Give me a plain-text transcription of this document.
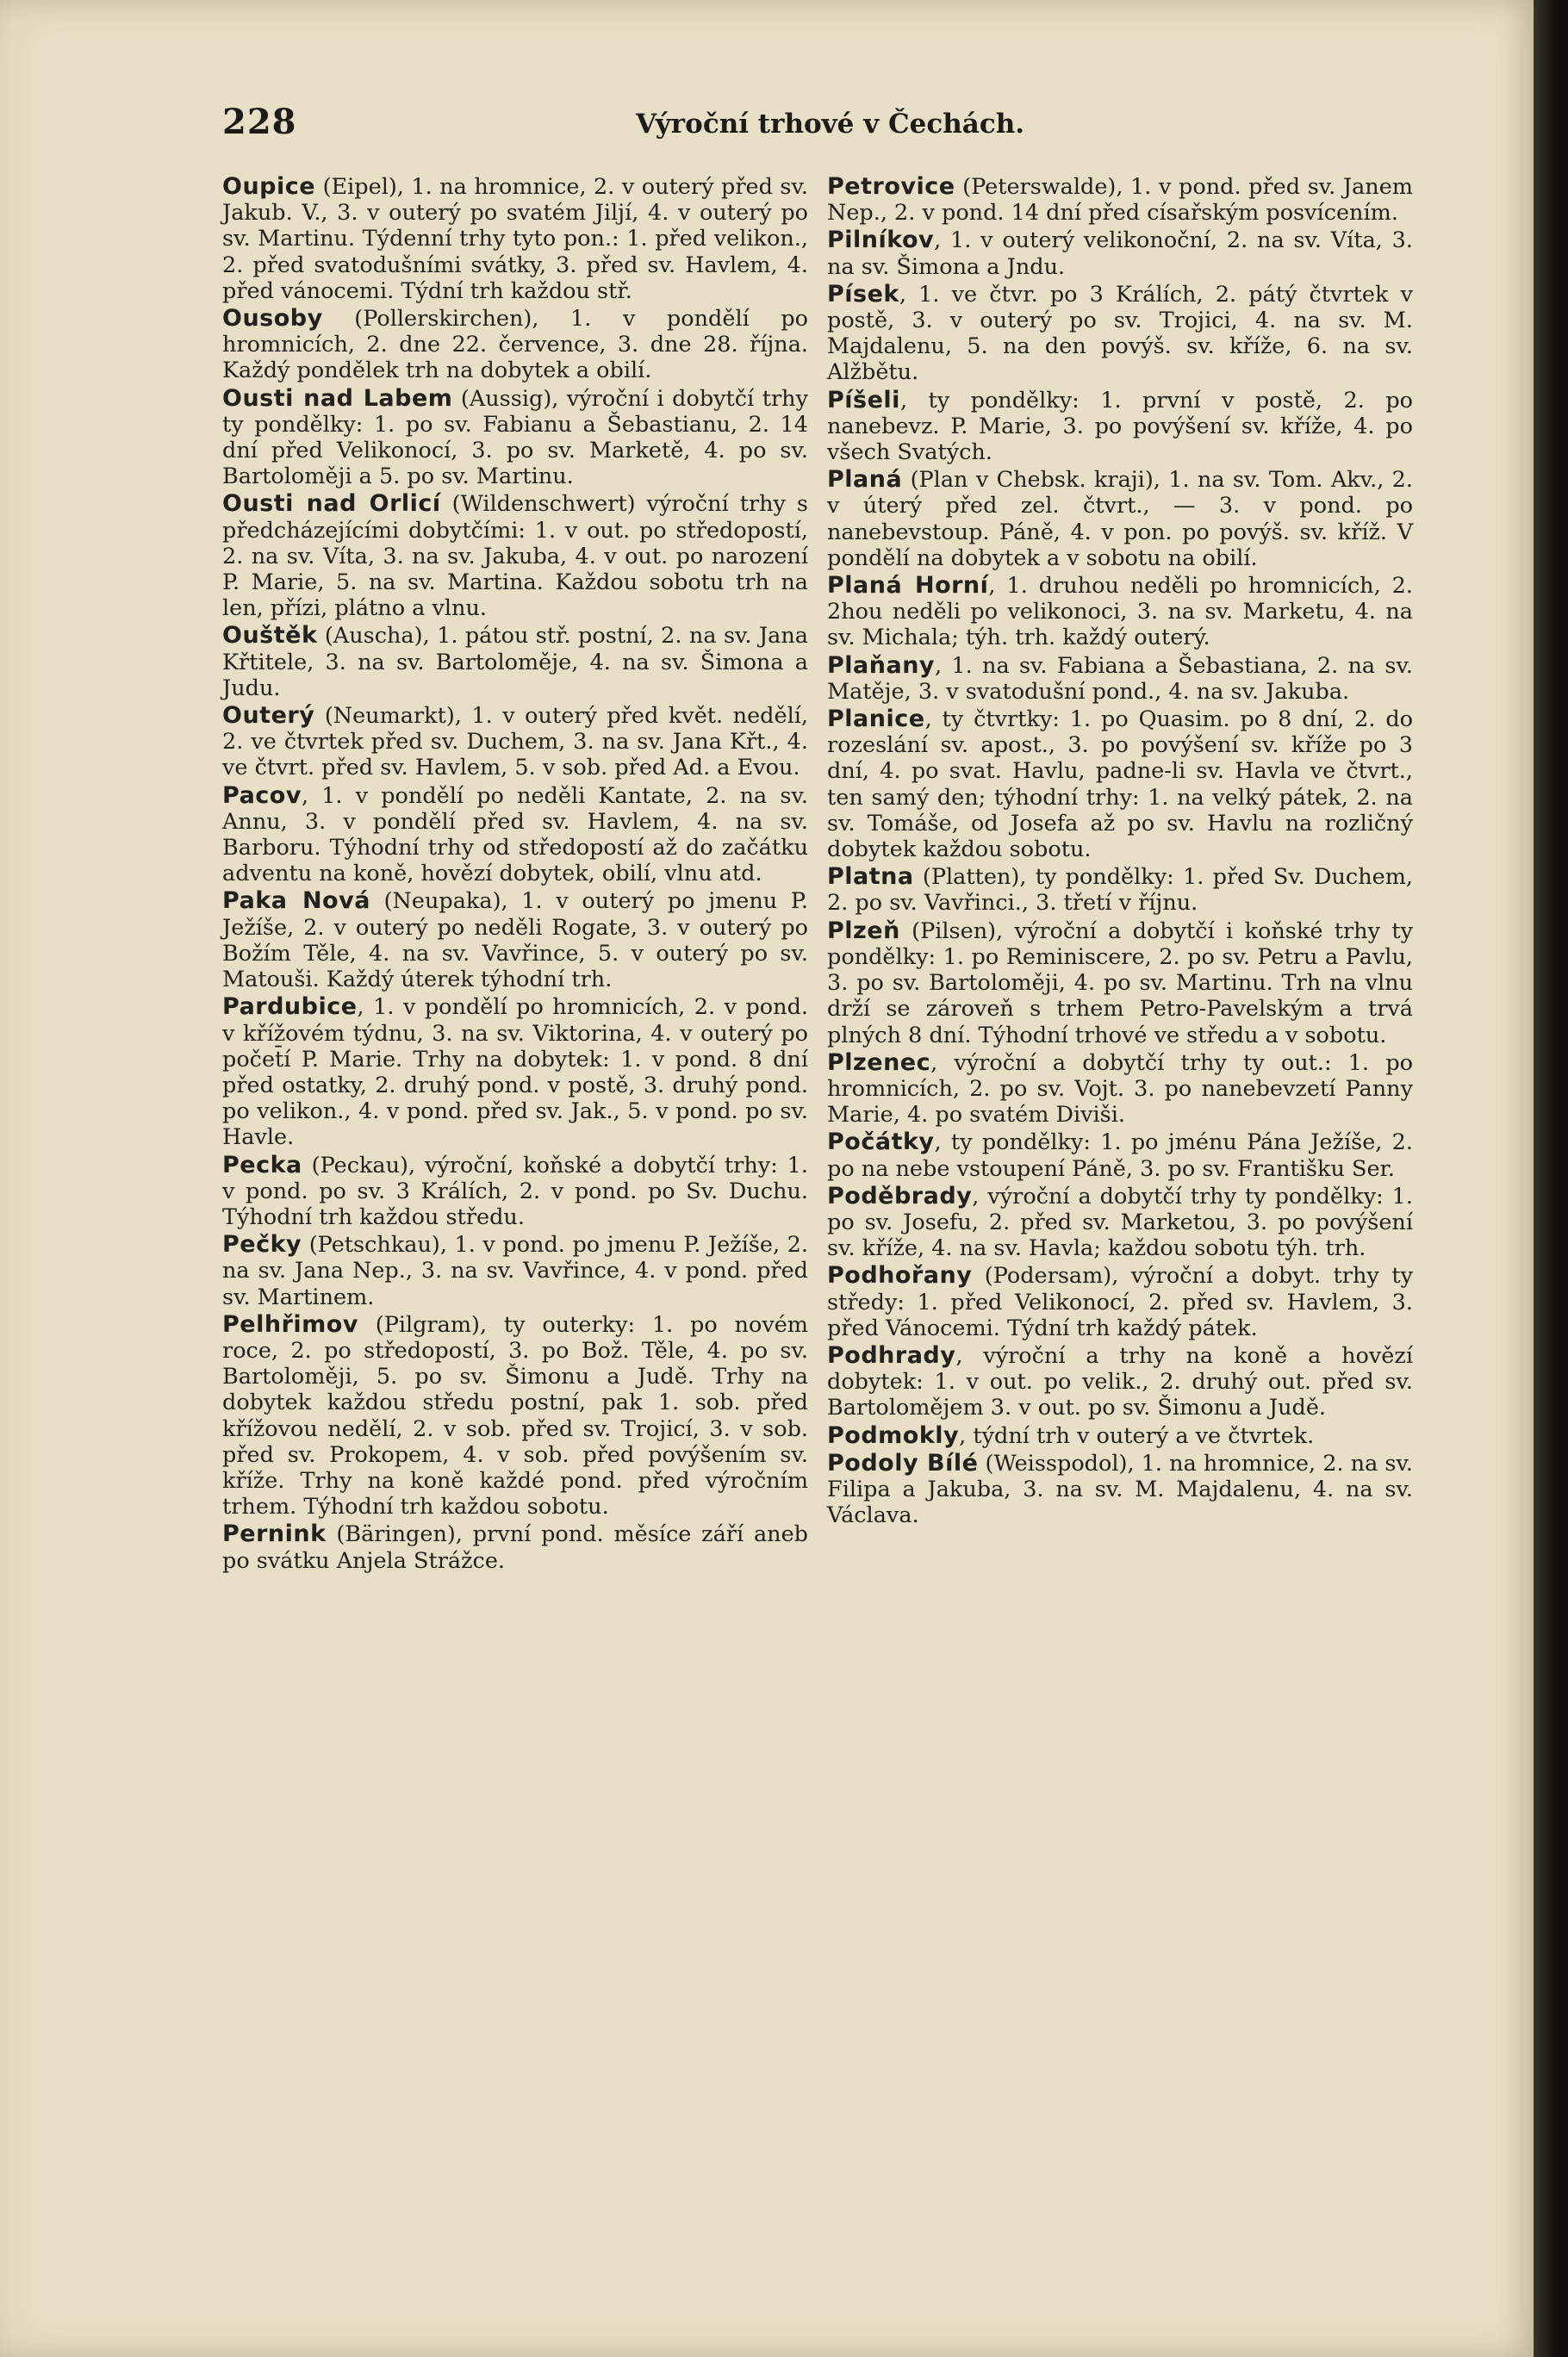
228	Výroční trhové v Čechách.

Oupice (Eipel), 1. na hromnice, 2. v outerý před sv. Jakub. V., 3. v outerý po svatém Jiljí, 4. v outerý po sv. Martinu. Týdenní trhy tyto pon.: 1. před velikon., 2. před svatodušními svátky, 3. před sv. Havlem, 4. před vánocemi. Týdní trh každou stř.

Ousoby (Pollerskirchen), 1. v pondělí po hromnicích, 2. dne 22. července, 3. dne 28. října. Každý pondělek trh na dobytek a obilí.

Ousti nad Labem (Aussig), výroční i dobytčí trhy ty pondělky: 1. po sv. Fabianu a Šebastianu, 2. 14 dní před Velikonocí, 3. po sv. Marketě, 4. po sv. Bartoloměji a 5. po sv. Martinu.

Ousti nad Orlicí (Wildenschwert) výroční trhy s předcházejícími dobytčími: 1. v out. po středopostí, 2. na sv. Víta, 3. na sv. Jakuba, 4. v out. po narození P. Marie, 5. na sv. Martina. Každou sobotu trh na len, přízi, plátno a vlnu.

Ouštěk (Auscha), 1. pátou stř. postní, 2. na sv. Jana Křtitele, 3. na sv. Bartoloměje, 4. na sv. Šimona a Judu.

Outerý (Neumarkt), 1. v outerý před květ. nedělí, 2. ve čtvrtek před sv. Duchem, 3. na sv. Jana Křt., 4. ve čtvrt. před sv. Havlem, 5. v sob. před Ad. a Evou.

Pacov, 1. v pondělí po neděli Kantate, 2. na sv. Annu, 3. v pondělí před sv. Havlem, 4. na sv. Barboru. Týhodní trhy od středopostí až do začátku adventu na koně, hovězí dobytek, obilí, vlnu atd.

Paka Nová (Neupaka), 1. v outerý po jmenu P. Ježíše, 2. v outerý po neděli Rogate, 3. v outerý po Božím Těle, 4. na sv. Vavřince, 5. v outerý po sv. Matouši. Každý úterek týhodní trh.

Pardubice, 1. v pondělí po hromnicích, 2. v pond. v křížovém týdnu, 3. na sv. Viktorina, 4. v outerý po počet̄í P. Marie. Trhy na dobytek: 1. v pond. 8 dní před ostatky, 2. druhý pond. v postě, 3. druhý pond. po velikon., 4. v pond. před sv. Jak., 5. v pond. po sv. Havle.

Pecka (Peckau), výroční, koňské a dobytčí trhy: 1. v pond. po sv. 3 Králích, 2. v pond. po Sv. Duchu. Týhodní trh každou středu.

Pečky (Petschkau), 1. v pond. po jmenu P. Ježíše, 2. na sv. Jana Nep., 3. na sv. Vavřince, 4. v pond. před sv. Martinem.

Pelhřimov (Pilgram), ty outerky: 1. po novém roce, 2. po středopostí, 3. po Bož. Těle, 4. po sv. Bartoloměji, 5. po sv. Šimonu a Judě. Trhy na dobytek každou středu postní, pak 1. sob. před křížovou nedělí, 2. v sob. před sv. Trojicí, 3. v sob. před sv. Prokopem, 4. v sob. před povýšením sv. kříže. Trhy na koně každé pond. před výročním trhem. Týhodní trh každou sobotu.

Pernink (Bäringen), první pond. měsíce září aneb po svátku Anjela Strážce.

Petrovice (Peterswalde), 1. v pond. před sv. Janem Nep., 2. v pond. 14 dní před císařským posvícením.

Pilníkov, 1. v outerý velikonoční, 2. na sv. Víta, 3. na sv. Šimona a Jndu.

Písek, 1. ve čtvr. po 3 Králích, 2. pátý čtvrtek v postě, 3. v outerý po sv. Trojici, 4. na sv. M. Majdalenu, 5. na den povýš. sv. kříže, 6. na sv. Alžbětu.

Píšeli, ty pondělky: 1. první v postě, 2. po nanebevz. P. Marie, 3. po povýšení sv. kříže, 4. po všech Svatých.

Planá (Plan v Chebsk. kraji), 1. na sv. Tom. Akv., 2. v úterý před zel. čtvrt., — 3. v pond. po nanebevstoup. Páně, 4. v pon. po povýš. sv. kříž. V pondělí na dobytek a v sobotu na obilí.

Planá Horní, 1. druhou neděli po hromnicích, 2. 2hou neděli po velikonoci, 3. na sv. Marketu, 4. na sv. Michala; týh. trh. každý outerý.

Plaňany, 1. na sv. Fabiana a Šebastiana, 2. na sv. Matěje, 3. v svatodušní pond., 4. na sv. Jakuba.

Planice, ty čtvrtky: 1. po Quasim. po 8 dní, 2. do rozeslání sv. apost., 3. po povýšení sv. kříže po 3 dní, 4. po svat. Havlu, padne-li sv. Havla ve čtvrt., ten samý den; týhodní trhy: 1. na velký pátek, 2. na sv. Tomáše, od Josefa až po sv. Havlu na rozličný dobytek každou sobotu.

Platna (Platten), ty pondělky: 1. před Sv. Duchem, 2. po sv. Vavřinci., 3. třetí v říjnu.

Plzeň (Pilsen), výroční a dobytčí i koňské trhy ty pondělky: 1. po Reminiscere, 2. po sv. Petru a Pavlu, 3. po sv. Bartoloměji, 4. po sv. Martinu. Trh na vlnu drží se zároveň s trhem Petro-Pavelským a trvá plných 8 dní. Týhodní trhové ve středu a v sobotu.

Plzenec, výroční a dobytčí trhy ty out.: 1. po hromnicích, 2. po sv. Vojt. 3. po nanebevzetí Panny Marie, 4. po svatém Diviši.

Počátky, ty pondělky: 1. po jménu Pána Ježíše, 2. po na nebe vstoupení Páně, 3. po sv. Františku Ser.

Poděbrady, výroční a dobytčí trhy ty pondělky: 1. po sv. Josefu, 2. před sv. Marketou, 3. po povýšení sv. kříže, 4. na sv. Havla; každou sobotu týh. trh.

Podhořany (Podersam), výroční a dobyt. trhy ty středy: 1. před Velikonocí, 2. před sv. Havlem, 3. před Vánocemi. Týdní trh každý pátek.

Podhrady, výroční a trhy na koně a hovězí dobytek: 1. v out. po velik., 2. druhý out. před sv. Bartolomějem 3. v out. po sv. Šimonu a Judě.

Podmokly, týdní trh v outerý a ve čtvrtek.

Podoly Bílé (Weisspodol), 1. na hromnice, 2. na sv. Filipa a Jakuba, 3. na sv. M. Majdalenu, 4. na sv. Václava.
